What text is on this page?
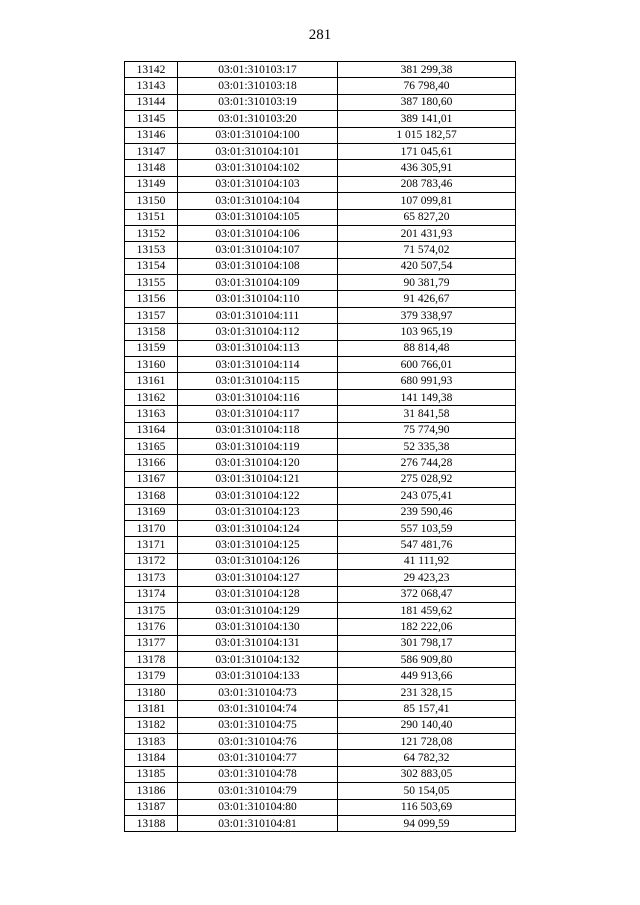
281
13142	03:01:310103:17	381 299,38
13143	03:01:310103:18	76 798,40
13144	03:01:310103:19	387 180,60
13145	03:01:310103:20	389 141,01
13146	03:01:310104:100	1 015 182,57
13147	03:01:310104:101	171 045,61
13148	03:01:310104:102	436 305,91
13149	03:01:310104:103	208 783,46
13150	03:01:310104:104	107 099,81
13151	03:01:310104:105	65 827,20
13152	03:01:310104:106	201 431,93
13153	03:01:310104:107	71 574,02
13154	03:01:310104:108	420 507,54
13155	03:01:310104:109	90 381,79
13156	03:01:310104:110	91 426,67
13157	03:01:310104:111	379 338,97
13158	03:01:310104:112	103 965,19
13159	03:01:310104:113	88 814,48
13160	03:01:310104:114	600 766,01
13161	03:01:310104:115	680 991,93
13162	03:01:310104:116	141 149,38
13163	03:01:310104:117	31 841,58
13164	03:01:310104:118	75 774,90
13165	03:01:310104:119	52 335,38
13166	03:01:310104:120	276 744,28
13167	03:01:310104:121	275 028,92
13168	03:01:310104:122	243 075,41
13169	03:01:310104:123	239 590,46
13170	03:01:310104:124	557 103,59
13171	03:01:310104:125	547 481,76
13172	03:01:310104:126	41 111,92
13173	03:01:310104:127	29 423,23
13174	03:01:310104:128	372 068,47
13175	03:01:310104:129	181 459,62
13176	03:01:310104:130	182 222,06
13177	03:01:310104:131	301 798,17
13178	03:01:310104:132	586 909,80
13179	03:01:310104:133	449 913,66
13180	03:01:310104:73	231 328,15
13181	03:01:310104:74	85 157,41
13182	03:01:310104:75	290 140,40
13183	03:01:310104:76	121 728,08
13184	03:01:310104:77	64 782,32
13185	03:01:310104:78	302 883,05
13186	03:01:310104:79	50 154,05
13187	03:01:310104:80	116 503,69
13188	03:01:310104:81	94 099,59
